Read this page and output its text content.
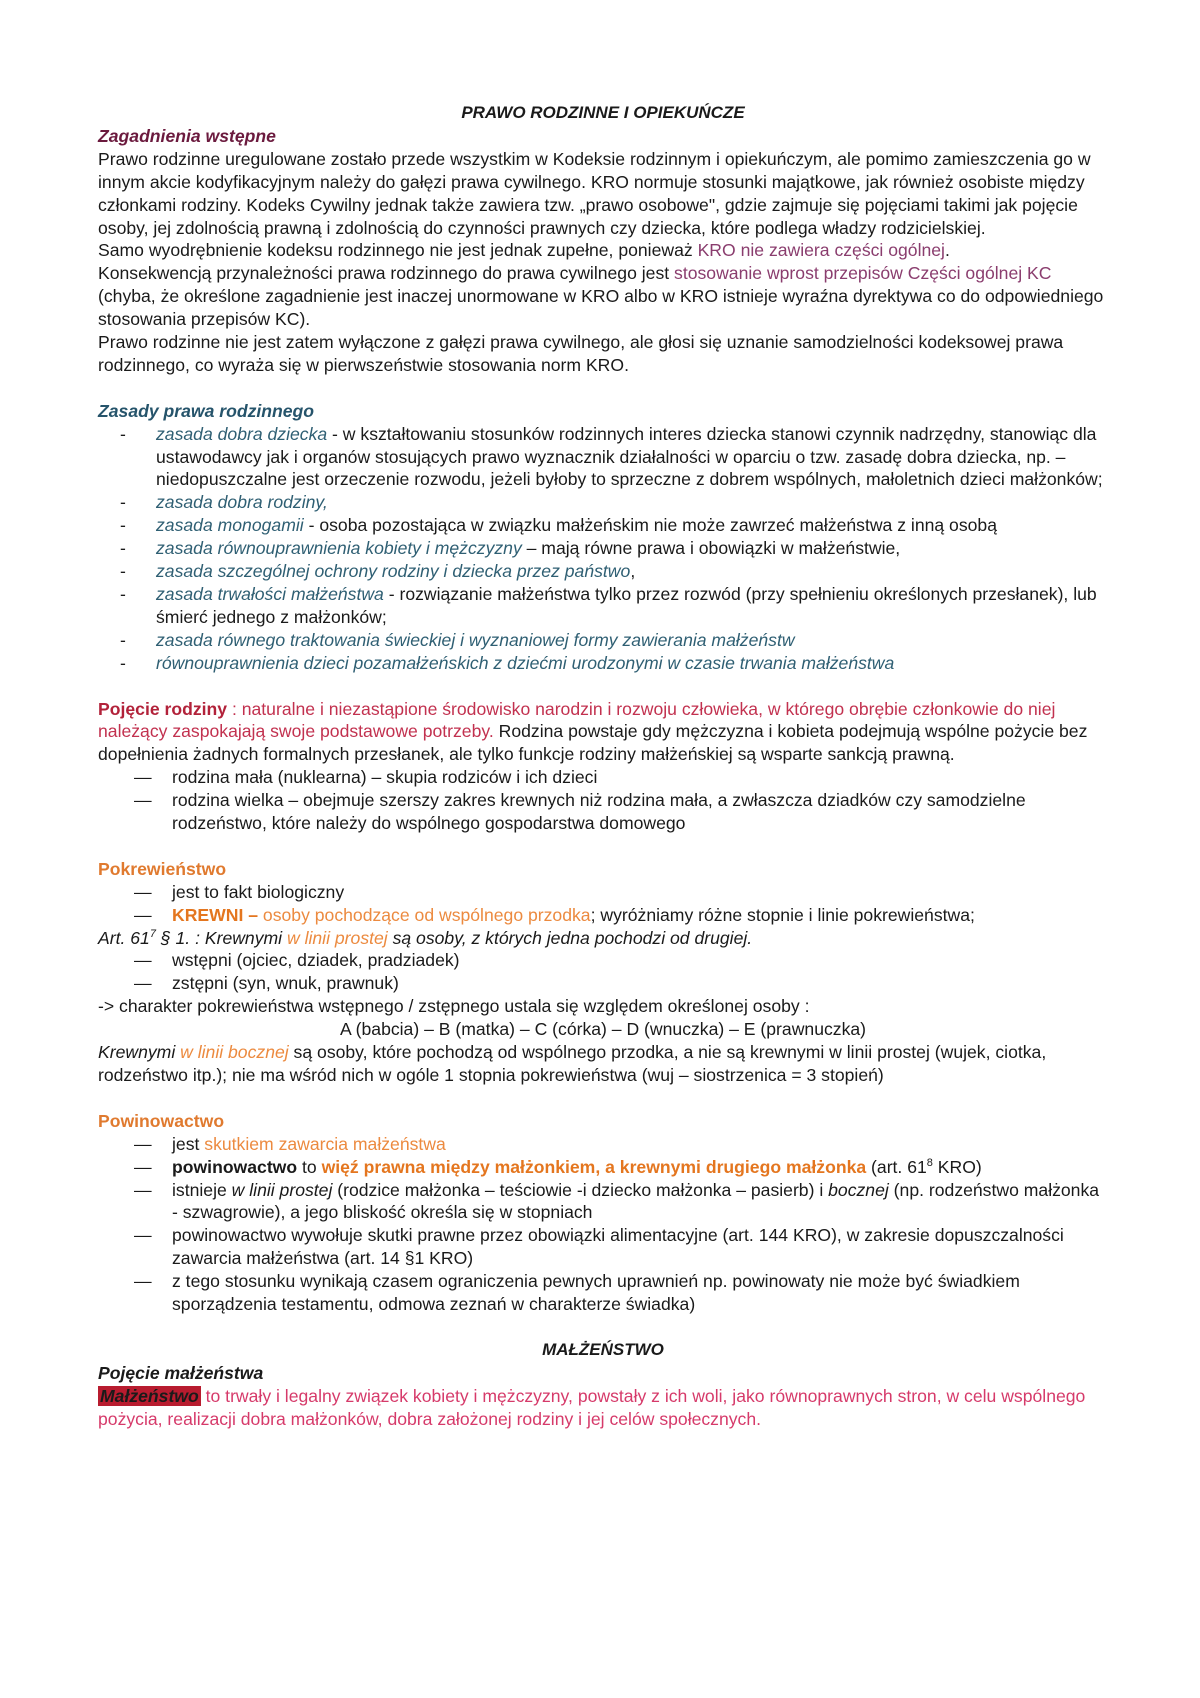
PRAWO RODZINNE I OPIEKUŃCZE

Zagadnienia wstępne

Prawo rodzinne uregulowane zostało przede wszystkim w Kodeksie rodzinnym i opiekuńczym, ale pomimo zamieszczenia go w innym akcie kodyfikacyjnym należy do gałęzi prawa cywilnego. KRO normuje stosunki majątkowe, jak również osobiste między członkami rodziny. Kodeks Cywilny jednak także zawiera tzw. „prawo osobowe", gdzie zajmuje się pojęciami takimi jak pojęcie osoby, jej zdolnością prawną i zdolnością do czynności prawnych czy dziecka, które podlega władzy rodzicielskiej.

Samo wyodrębnienie kodeksu rodzinnego nie jest jednak zupełne, ponieważ KRO nie zawiera części ogólnej.

Konsekwencją przynależności prawa rodzinnego do prawa cywilnego jest stosowanie wprost przepisów Części ogólnej KC (chyba, że określone zagadnienie jest inaczej unormowane w KRO albo w KRO istnieje wyraźna dyrektywa co do odpowiedniego stosowania przepisów KC).

Prawo rodzinne nie jest zatem wyłączone z gałęzi prawa cywilnego, ale głosi się uznanie samodzielności kodeksowej prawa rodzinnego, co wyraża się w pierwszeństwie stosowania norm KRO.

Zasady prawa rodzinnego

- zasada dobra dziecka - w kształtowaniu stosunków rodzinnych interes dziecka stanowi czynnik nadrzędny, stanowiąc dla ustawodawcy jak i organów stosujących prawo wyznacznik działalności w oparciu o tzw. zasadę dobra dziecka, np. – niedopuszczalne jest orzeczenie rozwodu, jeżeli byłoby to sprzeczne z dobrem wspólnych, małoletnich dzieci małżonków;
- zasada dobra rodziny,
- zasada monogamii - osoba pozostająca w związku małżeńskim nie może zawrzeć małżeństwa z inną osobą
- zasada równouprawnienia kobiety i mężczyzny – mają równe prawa i obowiązki w małżeństwie,
- zasada szczególnej ochrony rodziny i dziecka przez państwo,
- zasada trwałości małżeństwa - rozwiązanie małżeństwa tylko przez rozwód (przy spełnieniu określonych przesłanek), lub śmierć jednego z małżonków;
- zasada równego traktowania świeckiej i wyznaniowej formy zawierania małżeństw
- równouprawnienia dzieci pozamałżeńskich z dziećmi urodzonymi w czasie trwania małżeństwa

Pojęcie rodziny : naturalne i niezastąpione środowisko narodzin i rozwoju człowieka, w którego obrębie członkowie do niej należący zaspokajają swoje podstawowe potrzeby. Rodzina powstaje gdy mężczyzna i kobieta podejmują wspólne pożycie bez dopełnienia żadnych formalnych przesłanek, ale tylko funkcje rodziny małżeńskiej są wsparte sankcją prawną.

— rodzina mała (nuklearna) – skupia rodziców i ich dzieci
— rodzina wielka – obejmuje szerszy zakres krewnych niż rodzina mała, a zwłaszcza dziadków czy samodzielne rodzeństwo, które należy do wspólnego gospodarstwa domowego

Pokrewieństwo

— jest to fakt biologiczny
— KREWNI – osoby pochodzące od wspólnego przodka; wyróżniamy różne stopnie i linie pokrewieństwa;

Art. $61^7$ § 1. : Krewnymi w linii prostej są osoby, z których jedna pochodzi od drugiej.

— wstępni (ojciec, dziadek, pradziadek)
— zstępni (syn, wnuk, prawnuk)

-> charakter pokrewieństwa wstępnego / zstępnego ustala się względem określonej osoby :

A (babcia) – B (matka) – C (córka) – D (wnuczka) – E (prawnuczka)

Krewnymi w linii bocznej są osoby, które pochodzą od wspólnego przodka, a nie są krewnymi w linii prostej (wujek, ciotka, rodzeństwo itp.); nie ma wśród nich w ogóle 1 stopnia pokrewieństwa (wuj – siostrzenica = 3 stopień)

Powinowactwo

— jest skutkiem zawarcia małżeństwa
— powinowactwo to więź prawna między małżonkiem, a krewnymi drugiego małżonka (art. $61^8$ KRO)
— istnieje w linii prostej (rodzice małżonka – teściowie -i dziecko małżonka – pasierb) i bocznej (np. rodzeństwo małżonka - szwagrowie), a jego bliskość określa się w stopniach
— powinowactwo wywołuje skutki prawne przez obowiązki alimentacyjne (art. 144 KRO), w zakresie dopuszczalności zawarcia małżeństwa (art. 14 §1 KRO)
— z tego stosunku wynikają czasem ograniczenia pewnych uprawnień np. powinowaty nie może być świadkiem sporządzenia testamentu, odmowa zeznań w charakterze świadka)

MAŁŻEŃSTWO

Pojęcie małżeństwa

Małżeństwo to trwały i legalny związek kobiety i mężczyzny, powstały z ich woli, jako równoprawnych stron, w celu wspólnego pożycia, realizacji dobra małżonków, dobra założonej rodziny i jej celów społecznych.
